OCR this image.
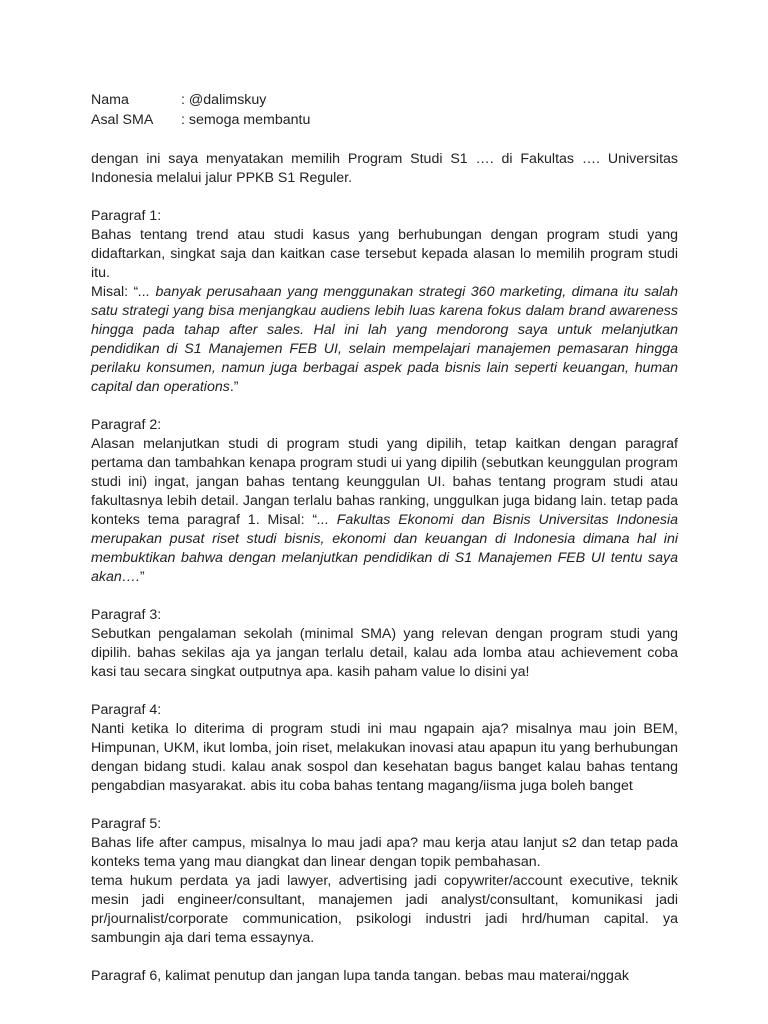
Nama	: @dalimskuy
Asal SMA	: semoga membantu

dengan ini saya menyatakan memilih Program Studi S1 …. di Fakultas …. Universitas Indonesia melalui jalur PPKB S1 Reguler.

Paragraf 1:

Bahas tentang trend atau studi kasus yang berhubungan dengan program studi yang didaftarkan, singkat saja dan kaitkan case tersebut kepada alasan lo memilih program studi itu.

Misal: “... banyak perusahaan yang menggunakan strategi 360 marketing, dimana itu salah satu strategi yang bisa menjangkau audiens lebih luas karena fokus dalam brand awareness hingga pada tahap after sales. Hal ini lah yang mendorong saya untuk melanjutkan pendidikan di S1 Manajemen FEB UI, selain mempelajari manajemen pemasaran hingga perilaku konsumen, namun juga berbagai aspek pada bisnis lain seperti keuangan, human capital dan operations.”

Paragraf 2:

Alasan melanjutkan studi di program studi yang dipilih, tetap kaitkan dengan paragraf pertama dan tambahkan kenapa program studi ui yang dipilih (sebutkan keunggulan program studi ini) ingat, jangan bahas tentang keunggulan UI. bahas tentang program studi atau fakultasnya lebih detail. Jangan terlalu bahas ranking, unggulkan juga bidang lain. tetap pada konteks tema paragraf 1. Misal: “... Fakultas Ekonomi dan Bisnis Universitas Indonesia merupakan pusat riset studi bisnis, ekonomi dan keuangan di Indonesia dimana hal ini membuktikan bahwa dengan melanjutkan pendidikan di S1 Manajemen FEB UI tentu saya akan….”

Paragraf 3:

Sebutkan pengalaman sekolah (minimal SMA) yang relevan dengan program studi yang dipilih. bahas sekilas aja ya jangan terlalu detail, kalau ada lomba atau achievement coba kasi tau secara singkat outputnya apa. kasih paham value lo disini ya!

Paragraf 4:

Nanti ketika lo diterima di program studi ini mau ngapain aja? misalnya mau join BEM, Himpunan, UKM, ikut lomba, join riset, melakukan inovasi atau apapun itu yang berhubungan dengan bidang studi. kalau anak sospol dan kesehatan bagus banget kalau bahas tentang pengabdian masyarakat. abis itu coba bahas tentang magang/iisma juga boleh banget

Paragraf 5:

Bahas life after campus, misalnya lo mau jadi apa? mau kerja atau lanjut s2 dan tetap pada konteks tema yang mau diangkat dan linear dengan topik pembahasan.

tema hukum perdata ya jadi lawyer, advertising jadi copywriter/account executive, teknik mesin jadi engineer/consultant, manajemen jadi analyst/consultant, komunikasi jadi pr/journalist/corporate communication, psikologi industri jadi hrd/human capital. ya sambungin aja dari tema essaynya.

Paragraf 6, kalimat penutup dan jangan lupa tanda tangan. bebas mau materai/nggak
